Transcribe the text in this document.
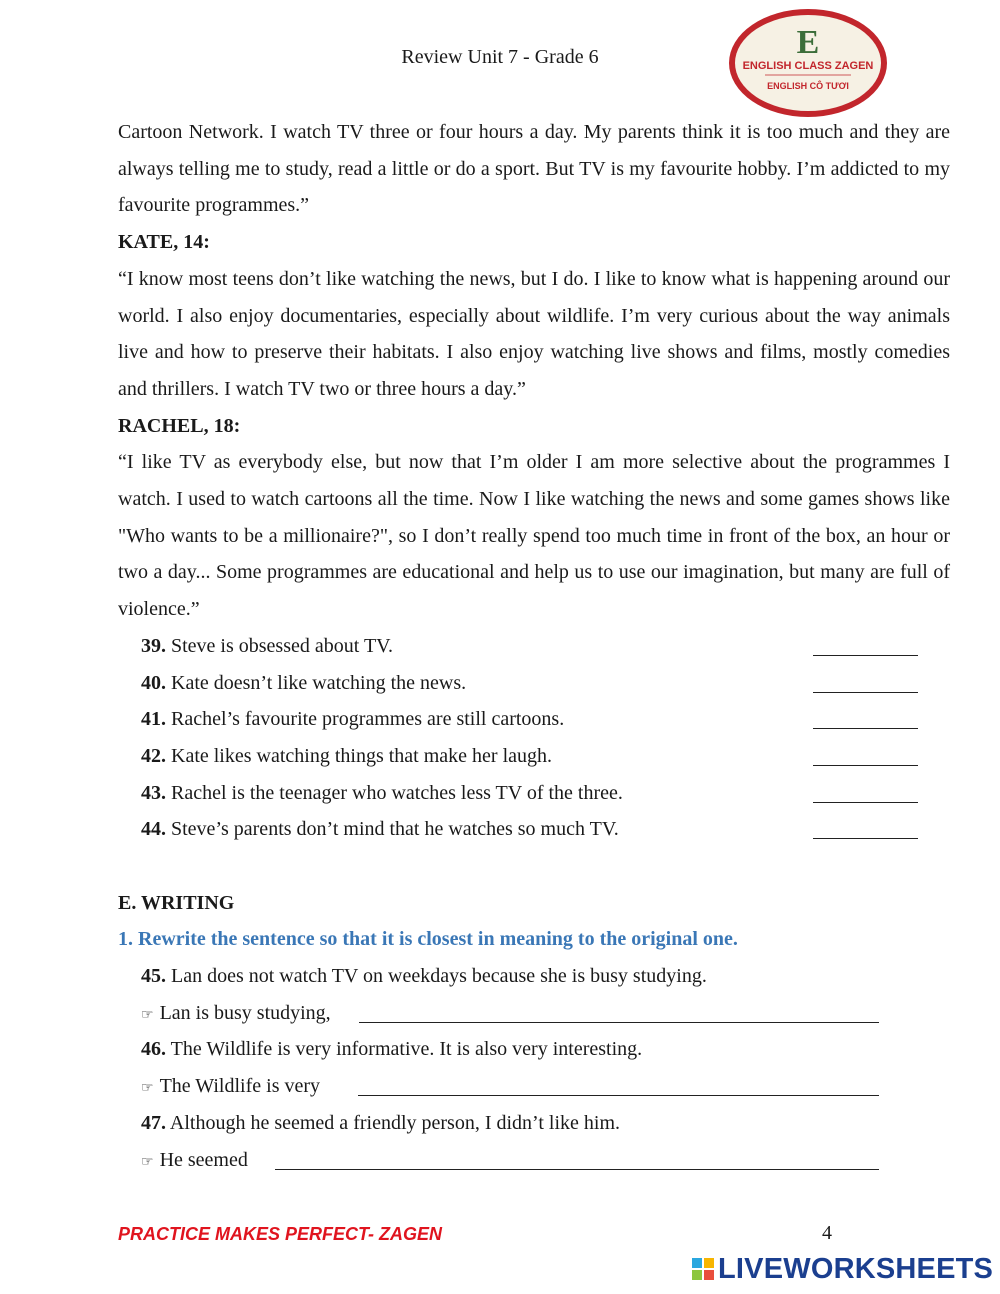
Review Unit 7 - Grade 6	E
ENGLISH CLASS ZAGEN
ENGLISH CÔ TƯƠI

Cartoon Network. I watch TV three or four hours a day. My parents think it is too much and they are always telling me to study, read a little or do a sport. But TV is my favourite hobby. I’m addicted to my favourite programmes.”

KATE, 14:

“I know most teens don’t like watching the news, but I do. I like to know what is happening around our world. I also enjoy documentaries, especially about wildlife. I’m very curious about the way animals live and how to preserve their habitats. I also enjoy watching live shows and films, mostly comedies and thrillers. I watch TV two or three hours a day.”

RACHEL, 18:

“I like TV as everybody else, but now that I’m older I am more selective about the programmes I watch. I used to watch cartoons all the time. Now I like watching the news and some games shows like "Who wants to be a millionaire?", so I don’t really spend too much time in front of the box, an hour or two a day... Some programmes are educational and help us to use our imagination, but many are full of violence.”

39. Steve is obsessed about TV.
40. Kate doesn’t like watching the news.
41. Rachel’s favourite programmes are still cartoons.
42. Kate likes watching things that make her laugh.
43. Rachel is the teenager who watches less TV of the three.
44. Steve’s parents don’t mind that he watches so much TV.

E. WRITING

1. Rewrite the sentence so that it is closest in meaning to the original one.

45. Lan does not watch TV on weekdays because she is busy studying.
☞ Lan is busy studying,
46. The Wildlife is very informative. It is also very interesting.
☞ The Wildlife is very
47. Although he seemed a friendly person, I didn’t like him.
☞ He seemed
PRACTICE MAKES PERFECT- ZAGEN	4
LIVEWORKSHEETS
